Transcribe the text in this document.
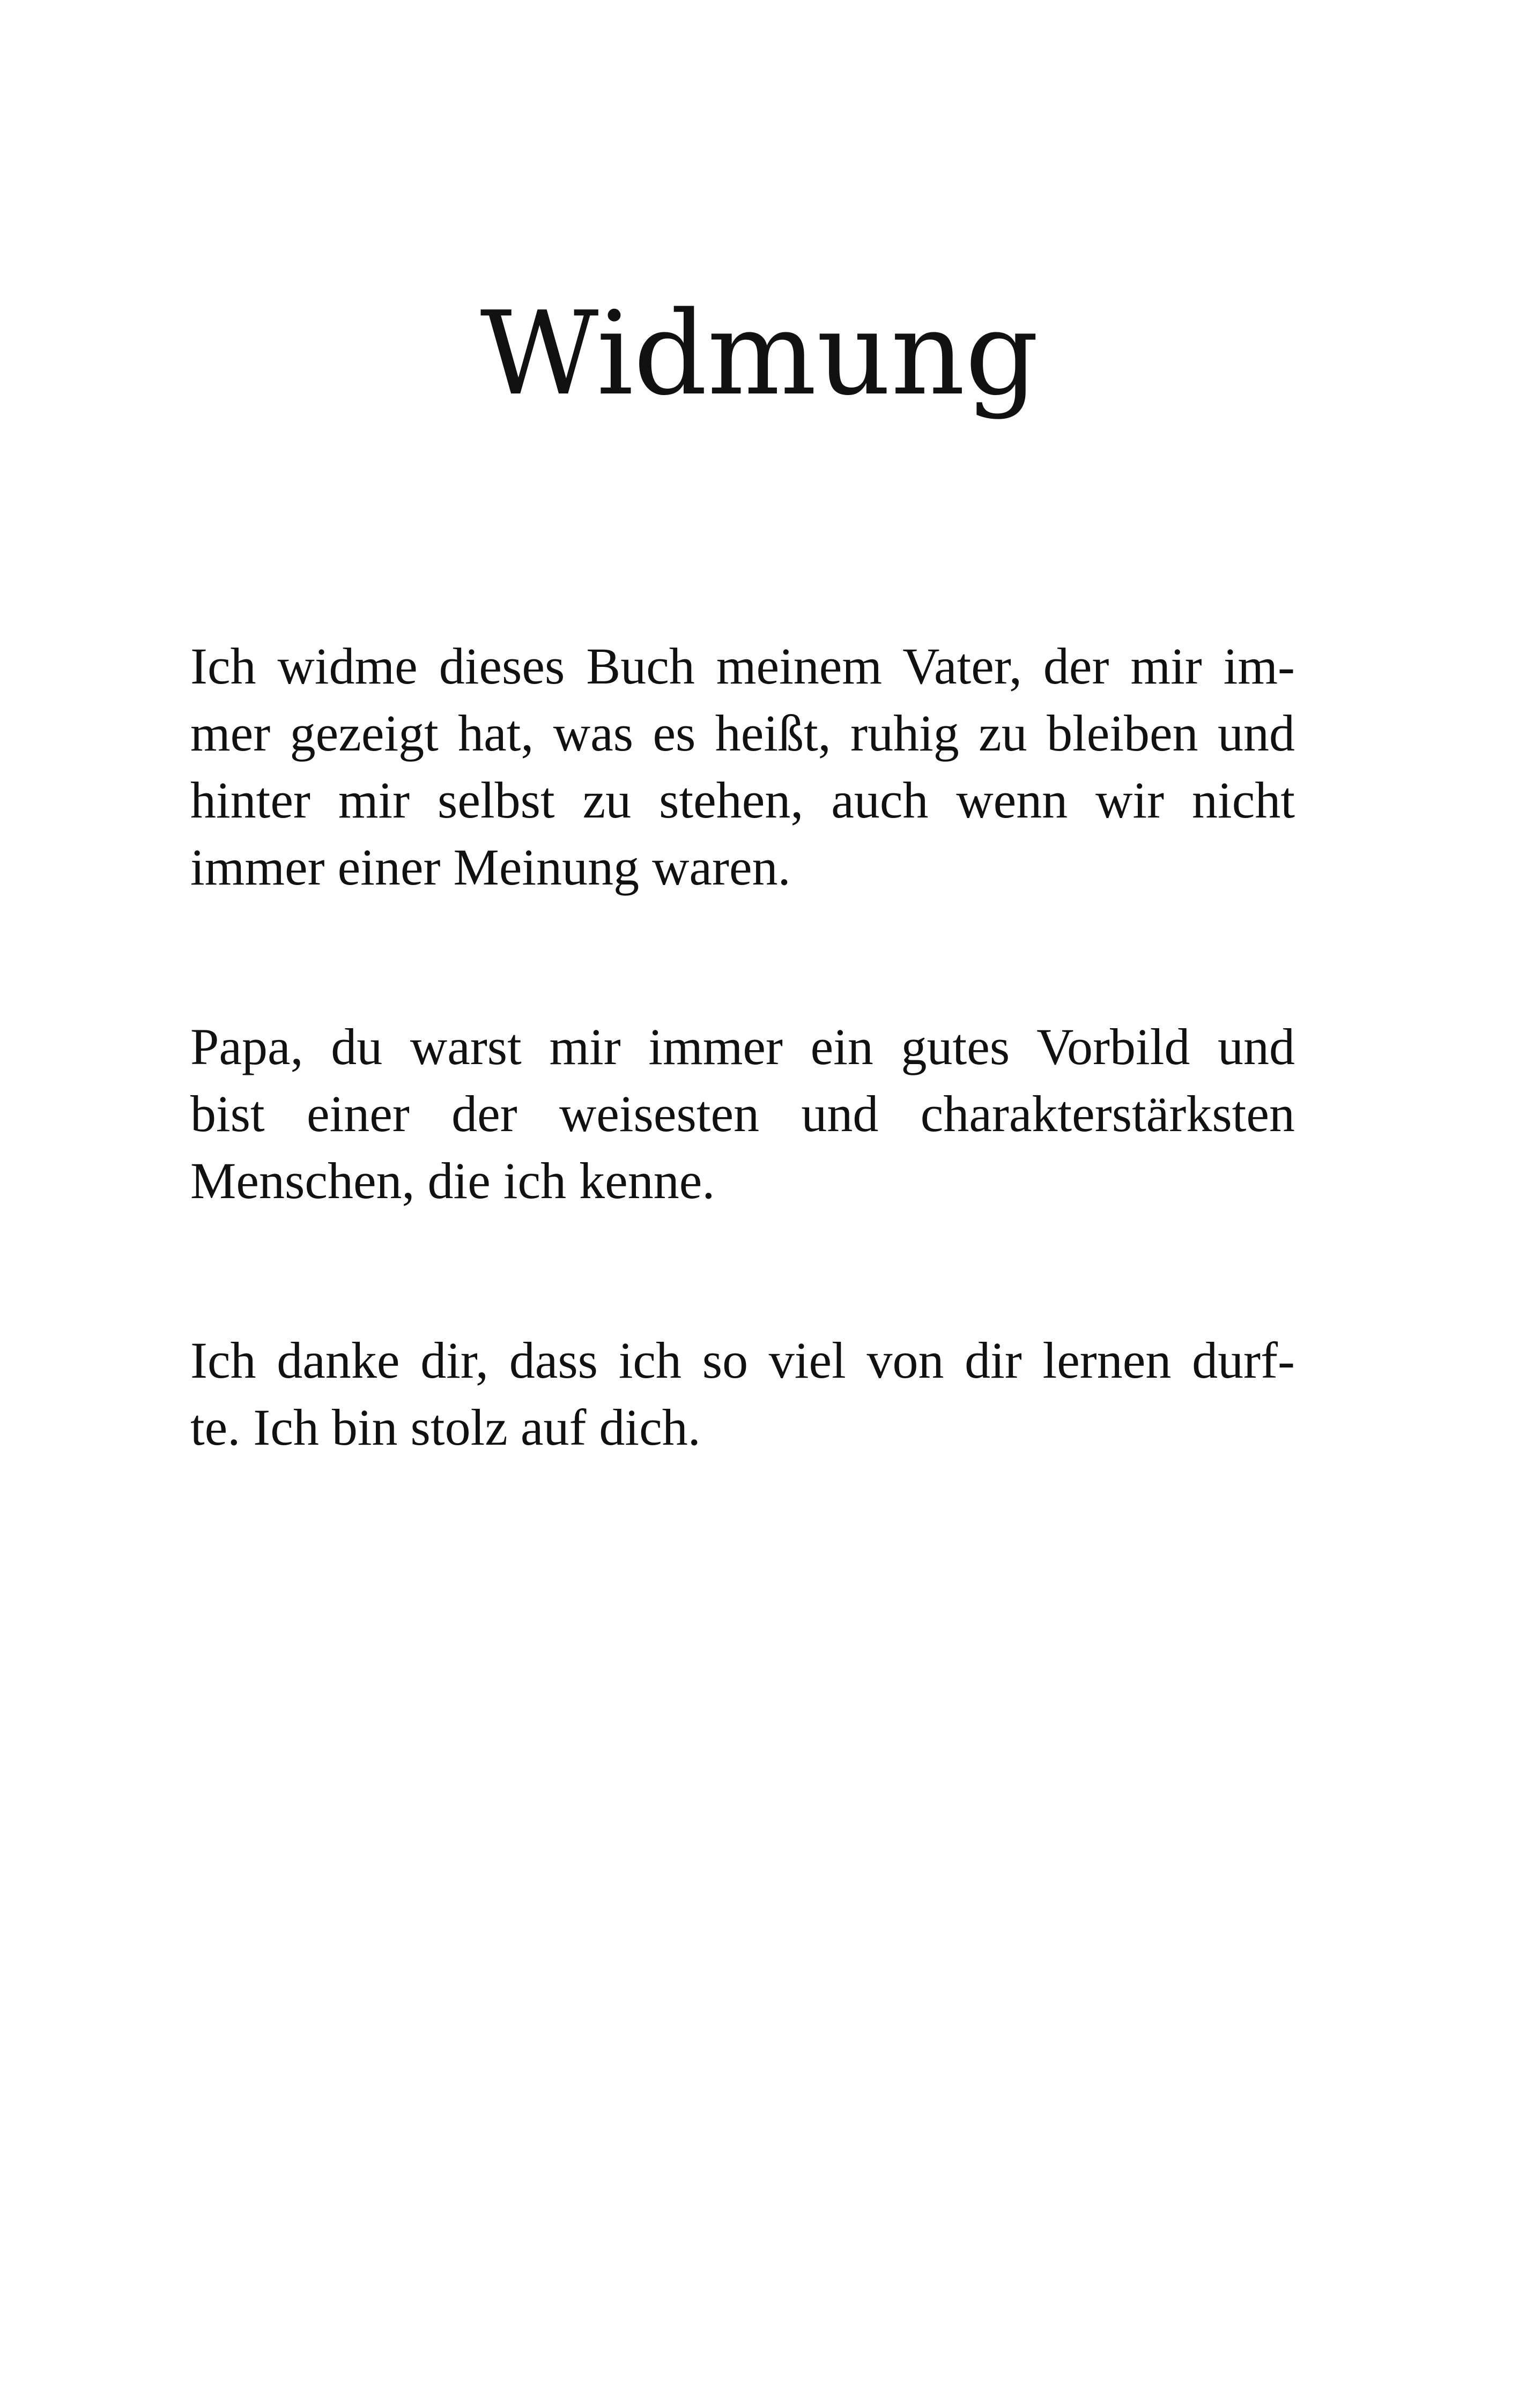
Widmung

Ich widme dieses Buch meinem Vater, der mir im-
mer gezeigt hat, was es heißt, ruhig zu bleiben und
hinter mir selbst zu stehen, auch wenn wir nicht
immer einer Meinung waren.

Papa, du warst mir immer ein gutes Vorbild und
bist einer der weisesten und charakterstärksten
Menschen, die ich kenne.

Ich danke dir, dass ich so viel von dir lernen durf-
te. Ich bin stolz auf dich.
